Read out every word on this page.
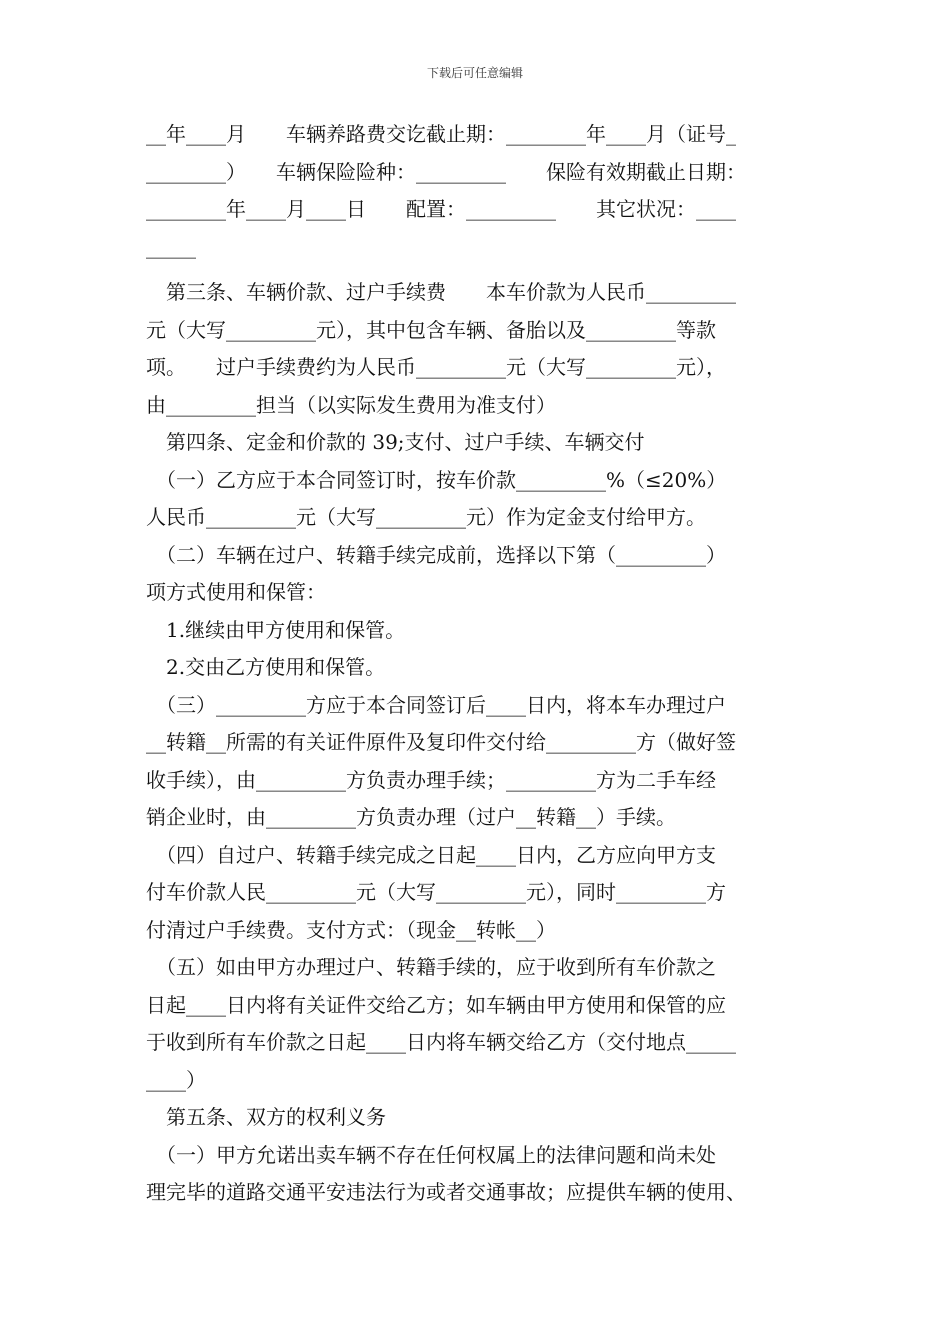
下载后可任意编辑
__年____月　　车辆养路费交讫截止期：________年____月（证号_
________）　　车辆保险险种：_________　　保险有效期截止日期：
________年____月____日　　配置：_________　　其它状况：____
_____
　第三条、车辆价款、过户手续费　　本车价款为人民币_________
元（大写_________元），其中包含车辆、备胎以及_________等款
项。　　过户手续费约为人民币_________元（大写_________元），
由_________担当（以实际发生费用为准支付）
　第四条、定金和价款的 39;支付、过户手续、车辆交付
　（一）乙方应于本合同签订时，按车价款_________%（≤20%）
人民币_________元（大写_________元）作为定金支付给甲方。
　（二）车辆在过户、转籍手续完成前，选择以下第（_________）
项方式使用和保管：
　1.继续由甲方使用和保管。
　2.交由乙方使用和保管。
　（三）_________方应于本合同签订后____日内，将本车办理过户
__转籍__所需的有关证件原件及复印件交付给_________方（做好签
收手续），由_________方负责办理手续；_________方为二手车经
销企业时，由_________方负责办理（过户__转籍__）手续。
　（四）自过户、转籍手续完成之日起____日内，乙方应向甲方支
付车价款人民_________元（大写_________元），同时_________方
付清过户手续费。支付方式：（现金__转帐__）
　（五）如由甲方办理过户、转籍手续的，应于收到所有车价款之
日起____日内将有关证件交给乙方；如车辆由甲方使用和保管的应
于收到所有车价款之日起____日内将车辆交给乙方（交付地点_____
____）
　第五条、双方的权利义务
　（一）甲方允诺出卖车辆不存在任何权属上的法律问题和尚未处
理完毕的道路交通平安违法行为或者交通事故；应提供车辆的使用、
